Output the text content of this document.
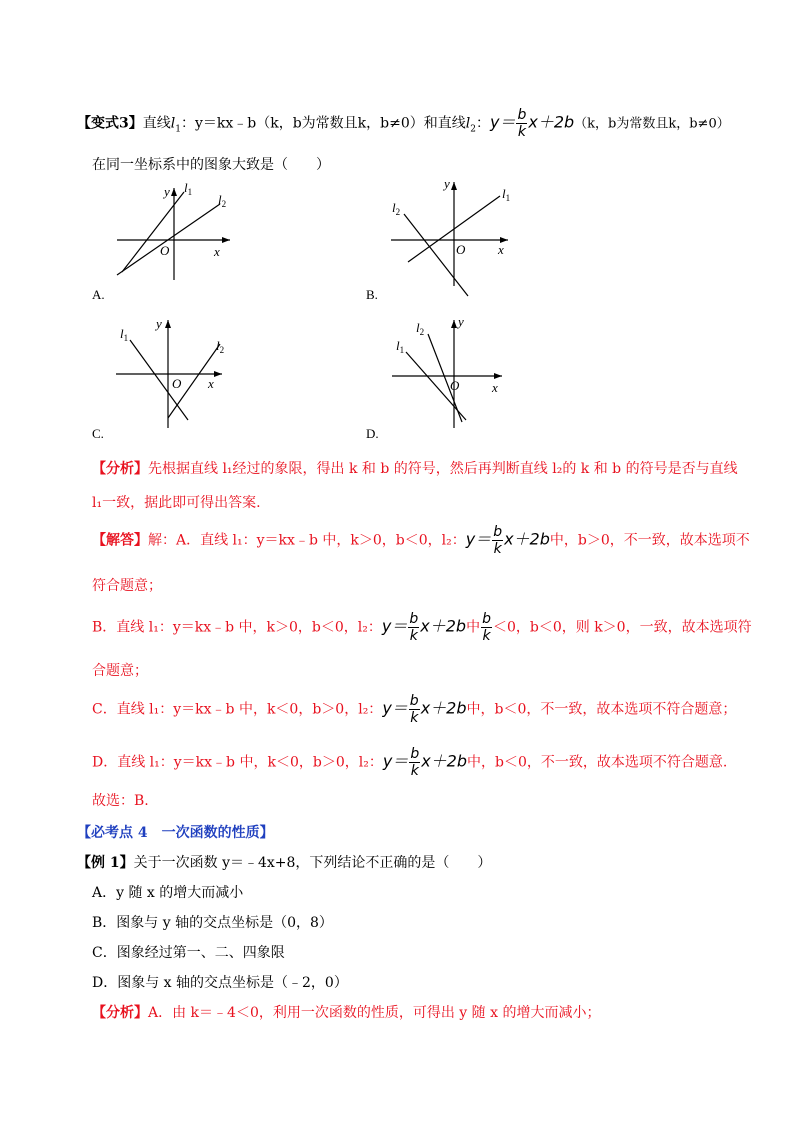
【变式3】直线$l_1$：y＝kx﹣b（k，b为常数且k，b≠0）和直线$l_2$：$y= \frac{b}{k} x+2b(k$，b为常数且k，b≠0）
在同一坐标系中的图象大致是（　　）
y $l_1$ $l_2$
O	x
A.
y
$l_1$
$l_2$
O	x
B.
y
$l_1$	$l_2$
O x
C.
y
$l_1$
$l_2$
O	x
D.
【分析】先根据直线 l₁经过的象限，得出 k 和 b 的符号，然后再判断直线 l₂的 k 和 b 的符号是否与直线
l₁一致，据此即可得出答案.
【解答】解：A．直线 l₁：y＝kx﹣b 中，k＞0，b＜0，l₂：$y= \frac{b}{k} x+2b$中，b＞0，不一致，故本选项不
符合题意；
B．直线 l₁：y＝kx﹣b 中，k＞0，b＜0，l₂：$y= \frac{b}{k} x+2b$中 $\frac{b}{k} <0$，b＜0，则 k＞0，一致，故本选项符
合题意；
C．直线 l₁：y＝kx﹣b 中，k＜0，b＞0，l₂：$y= \frac{b}{k} x+2b$中，b＜0，不一致，故本选项不符合题意；
D．直线 l₁：y＝kx﹣b 中，k＜0，b＞0，l₂：$y= \frac{b}{k} x+2b$中，b＜0，不一致，故本选项不符合题意.
故选：B.
【必考点 4　一次函数的性质】
【例 1】关于一次函数 y＝﹣4x+8，下列结论不正确的是（　　）
A．y 随 x 的增大而减小
B．图象与 y 轴的交点坐标是（0，8）
C．图象经过第一、二、四象限
D．图象与 x 轴的交点坐标是（﹣2，0）
【分析】A．由 k＝﹣4＜0，利用一次函数的性质，可得出 y 随 x 的增大而减小；
